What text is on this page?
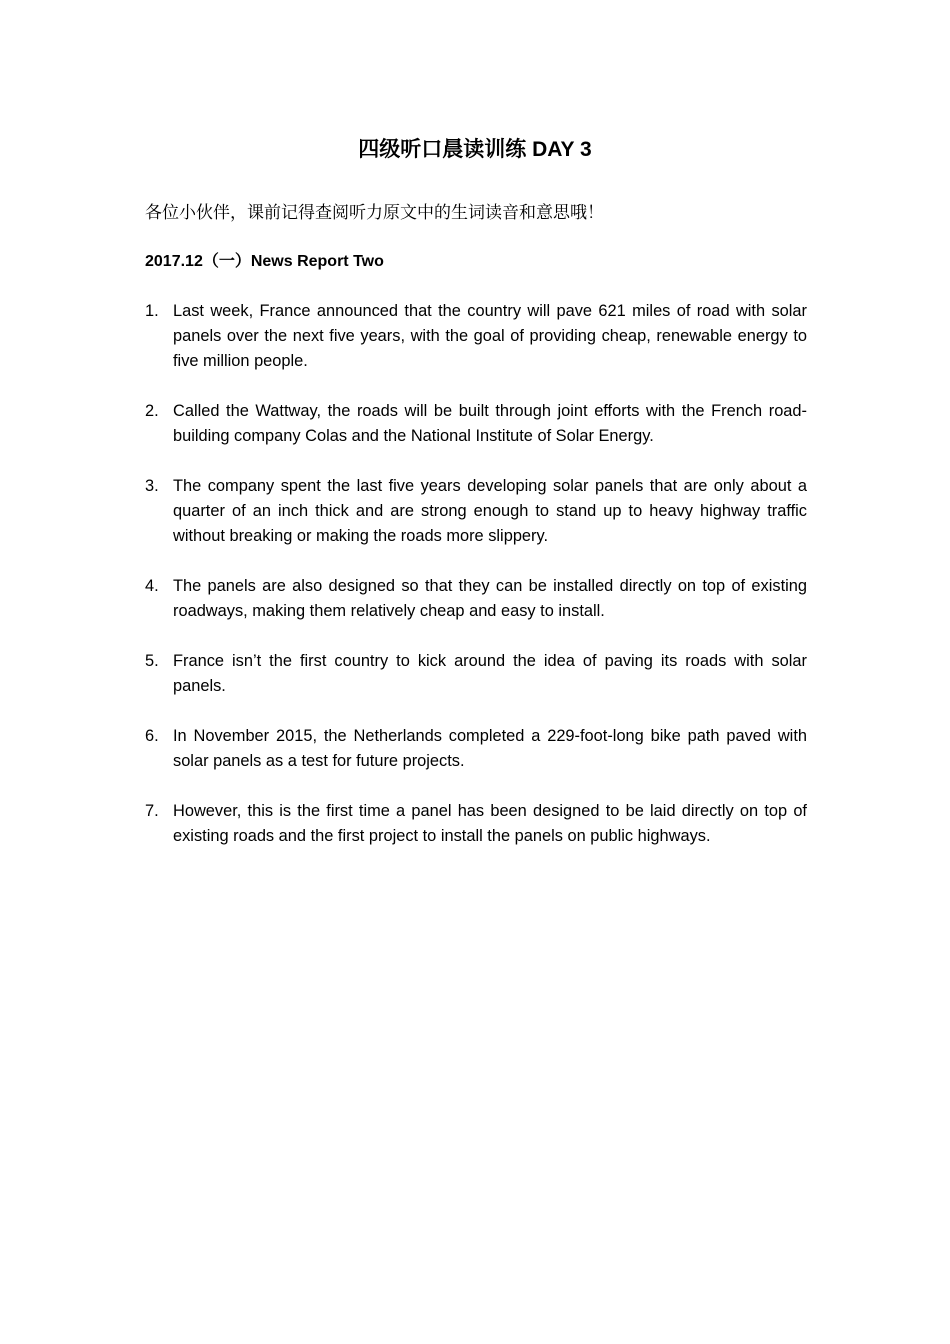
四级听口晨读训练 DAY 3
各位小伙伴，课前记得查阅听力原文中的生词读音和意思哦！
2017.12（一）News Report Two
1. Last week, France announced that the country will pave 621 miles of road with solar panels over the next five years, with the goal of providing cheap, renewable energy to five million people.
2. Called the Wattway, the roads will be built through joint efforts with the French road-building company Colas and the National Institute of Solar Energy.
3. The company spent the last five years developing solar panels that are only about a quarter of an inch thick and are strong enough to stand up to heavy highway traffic without breaking or making the roads more slippery.
4. The panels are also designed so that they can be installed directly on top of existing roadways, making them relatively cheap and easy to install.
5. France isn’t the first country to kick around the idea of paving its roads with solar panels.
6. In November 2015, the Netherlands completed a 229-foot-long bike path paved with solar panels as a test for future projects.
7. However, this is the first time a panel has been designed to be laid directly on top of existing roads and the first project to install the panels on public highways.
